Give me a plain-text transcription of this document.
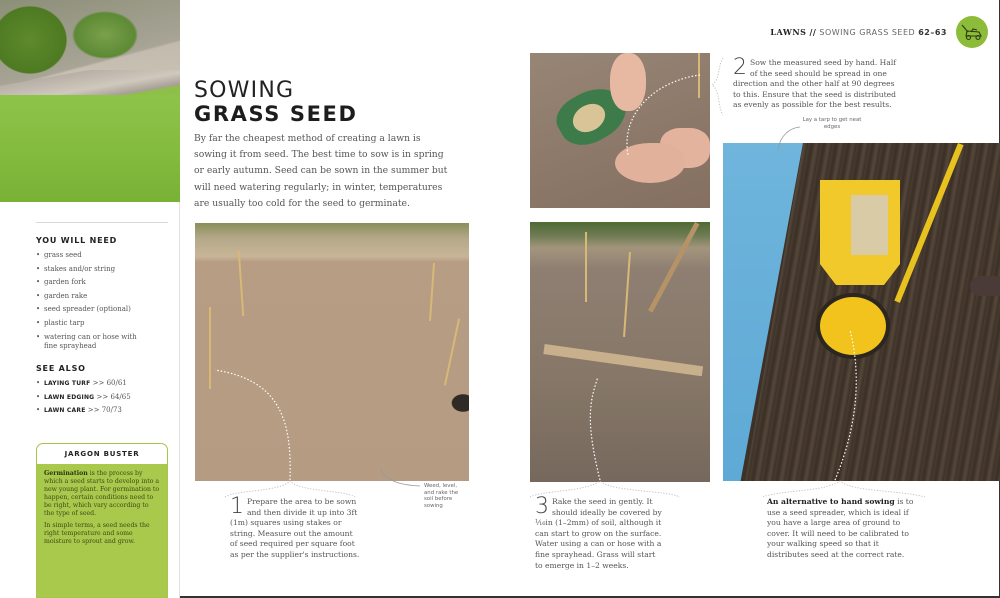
YOU WILL NEED
• grass seed
• stakes and/or string
• garden fork
• garden rake
• seed spreader (optional)
• plastic tarp
• watering can or hose with fine sprayhead
SEE ALSO
• LAYING TURF >> 60/61
• LAWN EDGING >> 64/65
• LAWN CARE >> 70/73
JARGON BUSTER

Germination is the process by which a seed starts to develop into a new young plant. For germination to happen, certain conditions need to be right, which vary according to the type of seed.

In simple terms, a seed needs the right temperature and some moisture to sprout and grow.

LAWNS // SOWING GRASS SEED 62–63
SOWING
GRASS SEED
By far the cheapest method of creating a lawn is sowing it from seed. The best time to sow is in spring or early autumn. Seed can be sown in the summer but will need watering regularly; in winter, temperatures are usually too cold for the seed to germinate.
Weed, level, and rake the soil before sowing
Lay a tarp to get neat edges
1 Prepare the area to be sown and then divide it up into 3ft (1m) squares using stakes or string. Measure out the amount of seed required per square foot as per the supplier's instructions.
2 Sow the measured seed by hand. Half of the seed should be spread in one direction and the other half at 90 degrees to this. Ensure that the seed is distributed as evenly as possible for the best results.
3 Rake the seed in gently. It should ideally be covered by ¹⁄₁₆in (1–2mm) of soil, although it can start to grow on the surface. Water using a can or hose with a fine sprayhead. Grass will start to emerge in 1–2 weeks.
An alternative to hand sowing is to use a seed spreader, which is ideal if you have a large area of ground to cover. It will need to be calibrated to your walking speed so that it distributes seed at the correct rate.
